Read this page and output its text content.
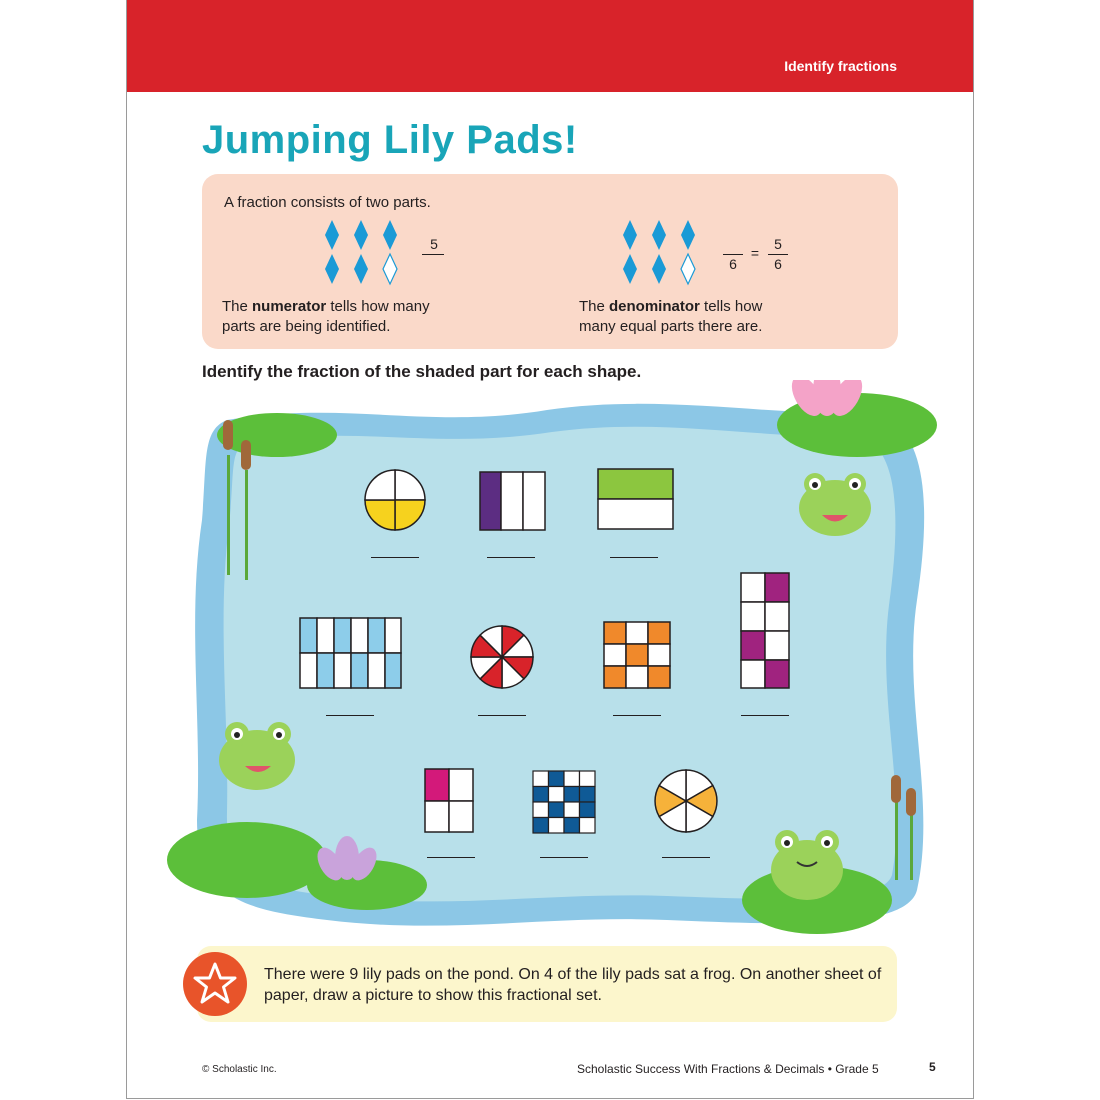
Identify fractions
Jumping Lily Pads!
A fraction consists of two parts.
5
The numerator tells how many
parts are being identified.
6
=
5
6
The denominator tells how
many equal parts there are.
Identify the fraction of the shaded part for each shape.
There were 9 lily pads on the pond. On 4 of the lily pads sat a frog. On another sheet of paper, draw a picture to show this fractional set.
© Scholastic Inc.	Scholastic Success With Fractions & Decimals • Grade 5	5
